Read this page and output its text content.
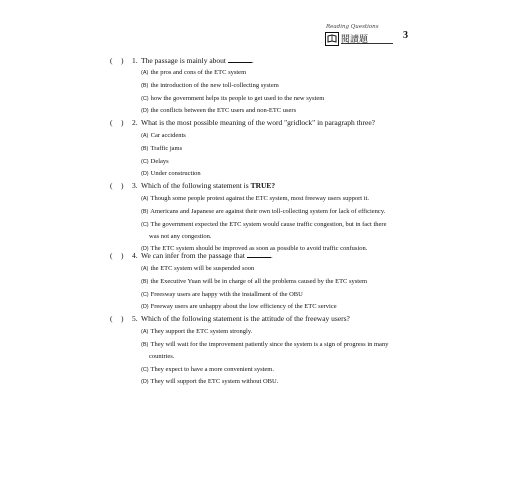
Reading Questions
閱讀題	3
( ) 1. The passage is mainly about	.
(A) the pros and cons of the ETC system
(B) the introduction of the new toll-collecting system
(C) how the government helps its people to get used to the new system
(D) the conflicts between the ETC users and non-ETC users
( ) 2. What is the most possible meaning of the word "gridlock" in paragraph three?
(A) Car accidents
(B) Traffic jams
(C) Delays
(D) Under construction
( ) 3. Which of the following statement is TRUE?
(A) Though some people protest against the ETC system, most freeway users support it.
(B) Americans and Japanese are against their own toll-collecting system for lack of efficiency.
(C) The government expected the ETC system would cause traffic congestion, but in fact there
was not any congestion.
(D) The ETC system should be improved as soon as possible to avoid traffic confusion.
( ) 4. We can infer from the passage that	.
(A) the ETC system will be suspended soon
(B) the Executive Yuan will be in charge of all the problems caused by the ETC system
(C) Freesway users are happy with the installment of the OBU
(D) Freeway users are unhappy about the low efficiency of the ETC service
( ) 5. Which of the following statement is the attitude of the freeway users?
(A) They support the ETC system strongly.
(B) They will wait for the improvement patiently since the system is a sign of progress in many
countries.
(C) They expect to have a more convenient system.
(D) They will support the ETC system without OBU.
